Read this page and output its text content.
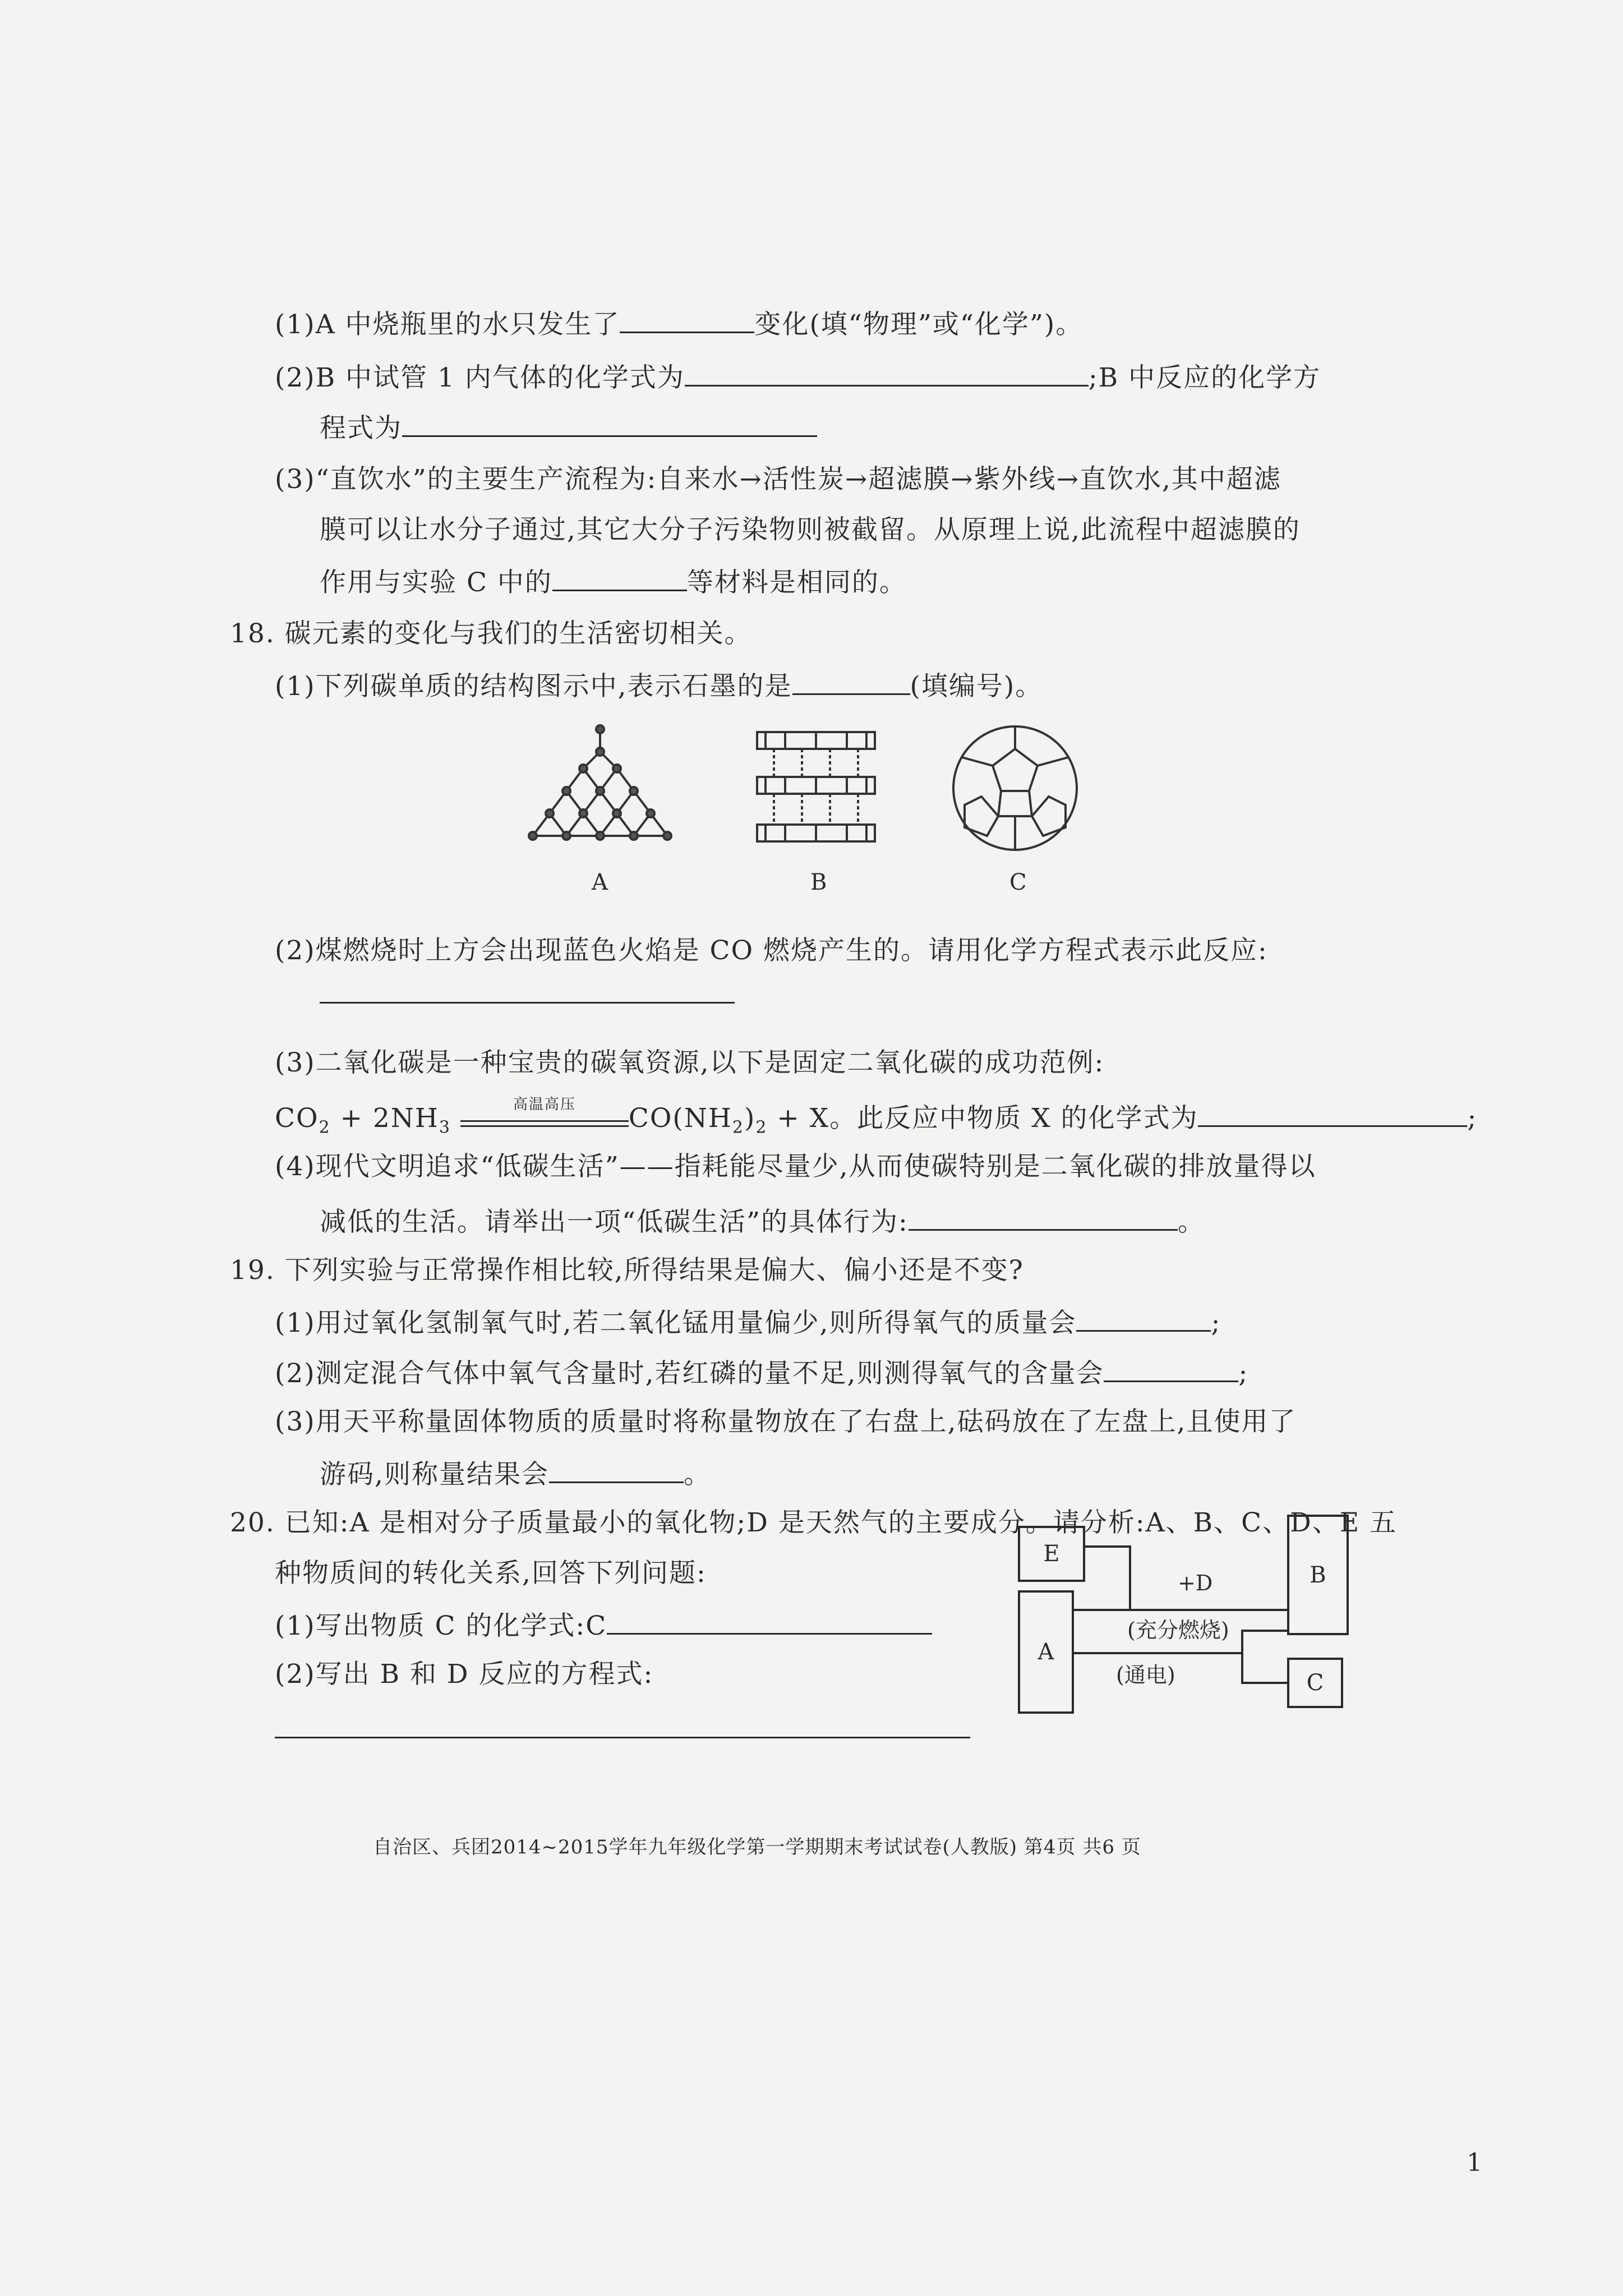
(1)A 中烧瓶里的水只发生了	变化(填“物理”或“化学”)。
(2)B 中试管 1 内气体的化学式为	;B 中反应的化学方
程式为
(3)“直饮水”的主要生产流程为:自来水→活性炭→超滤膜→紫外线→直饮水,其中超滤
膜可以让水分子通过,其它大分子污染物则被截留。从原理上说,此流程中超滤膜的
作用与实验 C 中的	等材料是相同的。
18. 碳元素的变化与我们的生活密切相关。
(1)下列碳单质的结构图示中,表示石墨的是	(填编号)。
A	B	C
(2)煤燃烧时上方会出现蓝色火焰是 CO 燃烧产生的。请用化学方程式表示此反应:
(3)二氧化碳是一种宝贵的碳氧资源,以下是固定二氧化碳的成功范例:
$CO_2 + 2NH_3$
高温高压	$CO(NH_2)_2 + X$。此反应中物质 X 的化学式为	;
(4)现代文明追求“低碳生活”——指耗能尽量少,从而使碳特别是二氧化碳的排放量得以
减低的生活。请举出一项“低碳生活”的具体行为:	。
19. 下列实验与正常操作相比较,所得结果是偏大、偏小还是不变?
(1)用过氧化氢制氧气时,若二氧化锰用量偏少,则所得氧气的质量会	;
(2)测定混合气体中氧气含量时,若红磷的量不足,则测得氧气的含量会	;
(3)用天平称量固体物质的质量时将称量物放在了右盘上,砝码放在了左盘上,且使用了
游码,则称量结果会	。
20. 已知:A 是相对分子质量最小的氧化物;D 是天然气的主要成分。请分析:A、B、C、D、E 五
种物质间的转化关系,回答下列问题:
(1)写出物质 C 的化学式:C
(2)写出 B 和 D 反应的方程式:
E
A
B
C
+D
(充分燃烧)
(通电)
自治区、兵团2014~2015学年九年级化学第一学期期末考试试卷(人教版) 第4页 共6 页
1
